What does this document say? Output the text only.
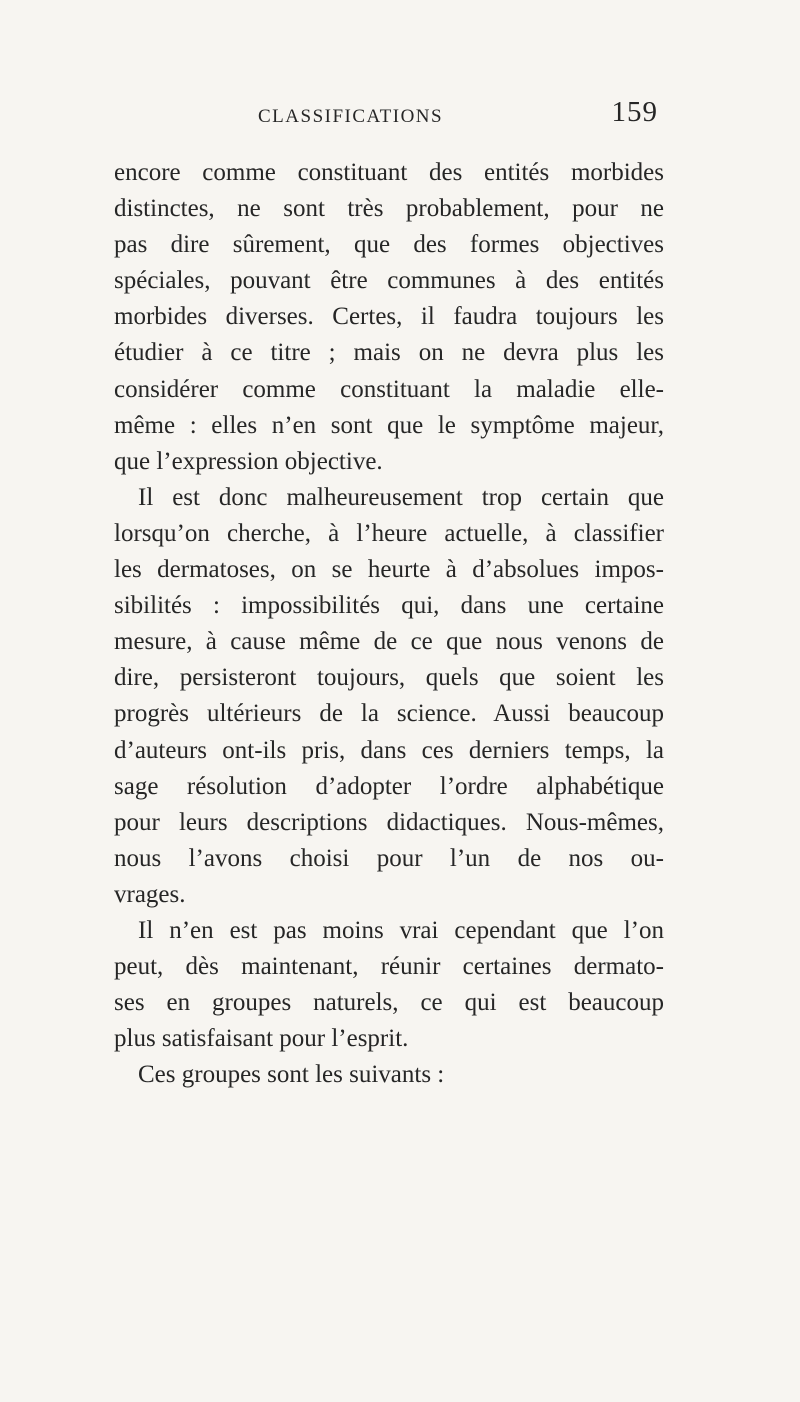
CLASSIFICATIONS	159
encore comme constituant des entités morbides
distinctes, ne sont très probablement, pour ne
pas dire sûrement, que des formes objectives
spéciales, pouvant être communes à des entités
morbides diverses. Certes, il faudra toujours les
étudier à ce titre ; mais on ne devra plus les
considérer comme constituant la maladie elle-
même : elles n’en sont que le symptôme majeur,
que l’expression objective.
Il est donc malheureusement trop certain que
lorsqu’on cherche, à l’heure actuelle, à classifier
les dermatoses, on se heurte à d’absolues impos-
sibilités : impossibilités qui, dans une certaine
mesure, à cause même de ce que nous venons de
dire, persisteront toujours, quels que soient les
progrès ultérieurs de la science. Aussi beaucoup
d’auteurs ont-ils pris, dans ces derniers temps, la
sage résolution d’adopter l’ordre alphabétique
pour leurs descriptions didactiques. Nous-mêmes,
nous l’avons choisi pour l’un de nos ou-
vrages.
Il n’en est pas moins vrai cependant que l’on
peut, dès maintenant, réunir certaines dermato-
ses en groupes naturels, ce qui est beaucoup
plus satisfaisant pour l’esprit.
Ces groupes sont les suivants :
